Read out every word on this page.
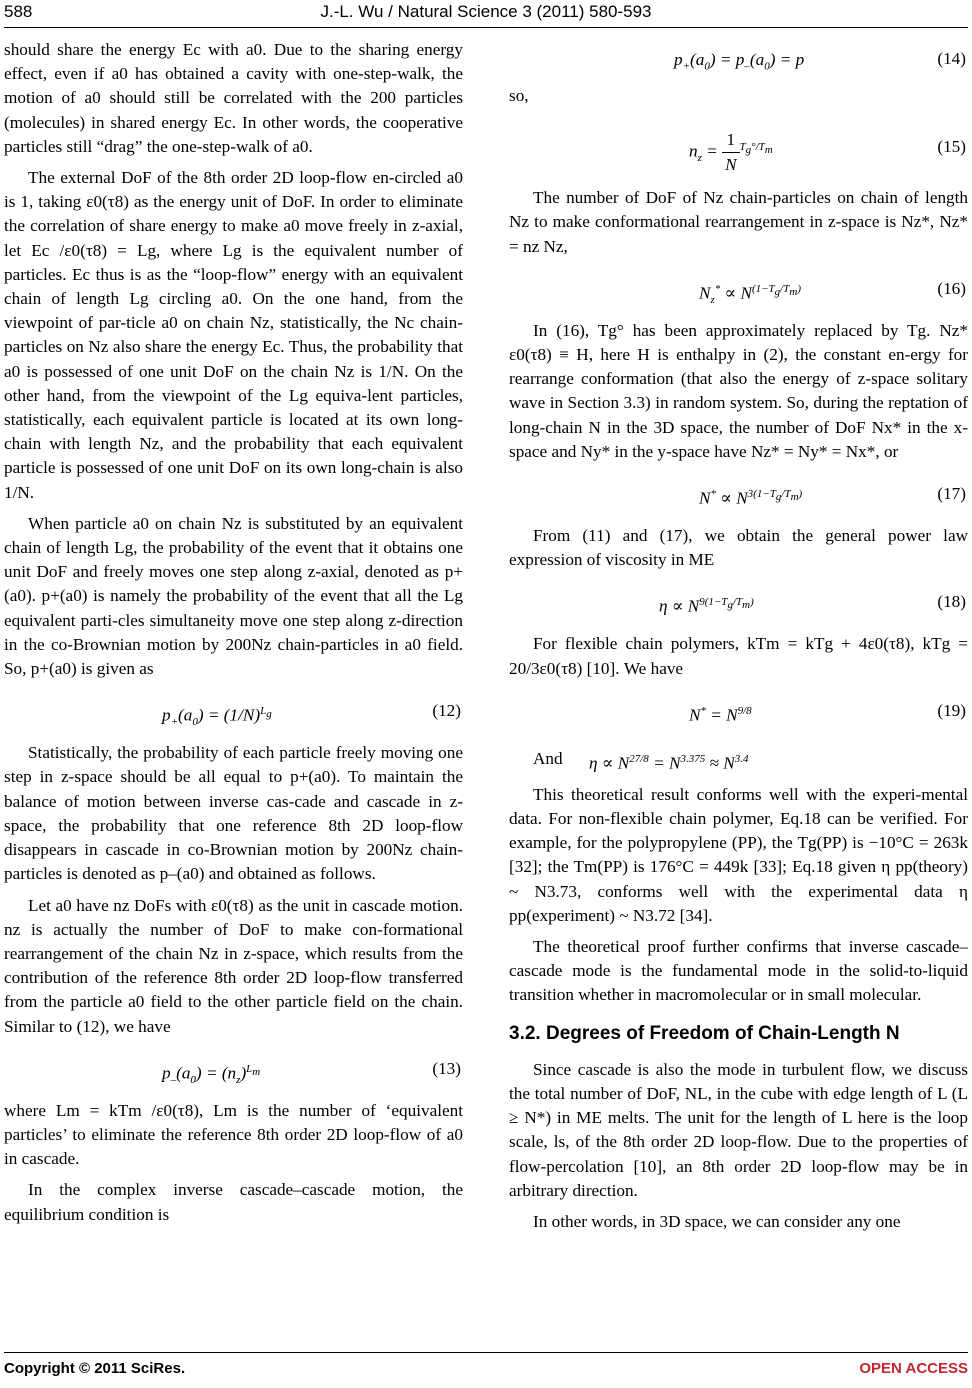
588	J.-L. Wu / Natural Science 3 (2011) 580-593

should share the energy Ec with a0. Due to the sharing energy effect, even if a0 has obtained a cavity with one-step-walk, the motion of a0 should still be correlated with the 200 particles (molecules) in shared energy Ec. In other words, the cooperative particles still “drag” the one-step-walk of a0.

The external DoF of the 8th order 2D loop-flow en-circled a0 is 1, taking ε0(τ8) as the energy unit of DoF. In order to eliminate the correlation of share energy to make a0 move freely in z-axial, let Ec /ε0(τ8) = Lg, where Lg is the equivalent number of particles. Ec thus is as the “loop-flow” energy with an equivalent chain of length Lg circling a0. On the one hand, from the viewpoint of par-ticle a0 on chain Nz, statistically, the Nc chain-particles on Nz also share the energy Ec. Thus, the probability that a0 is possessed of one unit DoF on the chain Nz is 1/N. On the other hand, from the viewpoint of the Lg equiva-lent particles, statistically, each equivalent particle is located at its own long-chain with length Nz, and the probability that each equivalent particle is possessed of one unit DoF on its own long-chain is also 1/N.

When particle a0 on chain Nz is substituted by an equivalent chain of length Lg, the probability of the event that it obtains one unit DoF and freely moves one step along z-axial, denoted as p+(a0). p+(a0) is namely the probability of the event that all the Lg equivalent parti-cles simultaneity move one step along z-direction in the co-Brownian motion by 200Nz chain-particles in a0 field. So, p+(a0) is given as

$p_+(a_0) = (1/N)^{L_g}$	(12)

Statistically, the probability of each particle freely moving one step in z-space should be all equal to p+(a0). To maintain the balance of motion between inverse cas-cade and cascade in z-space, the probability that one reference 8th 2D loop-flow disappears in cascade in co-Brownian motion by 200Nz chain-particles is denoted as p–(a0) and obtained as follows.

Let a0 have nz DoFs with ε0(τ8) as the unit in cascade motion. nz is actually the number of DoF to make con-formational rearrangement of the chain Nz in z-space, which results from the contribution of the reference 8th order 2D loop-flow transferred from the particle a0 field to the other particle field on the chain. Similar to (12), we have

$p_-(a_0) = (n_z)^{L_m}$	(13)

where Lm = kTm /ε0(τ8), Lm is the number of ‘equivalent particles’ to eliminate the reference 8th order 2D loop-flow of a0 in cascade.

In the complex inverse cascade–cascade motion, the equilibrium condition is

$p_+(a_0) = p_-(a_0) = p$	(14)

so,

$n_z = \frac{1}{N} ^{T_g^\circ/T_m}$	(15)

The number of DoF of Nz chain-particles on chain of length Nz to make conformational rearrangement in z-space is Nz*, Nz* = nz Nz,

$N_z^* \propto N^{(1-T_g/T_m)}$	(16)

In (16), Tg° has been approximately replaced by Tg. Nz* ε0(τ8) ≡ H, here H is enthalpy in (2), the constant en-ergy for rearrange conformation (that also the energy of z-space solitary wave in Section 3.3) in random system. So, during the reptation of long-chain N in the 3D space, the number of DoF Nx* in the x-space and Ny* in the y-space have Nz* = Ny* = Nx*, or

$N^* \propto N^{3(1-T_g/T_m)}$	(17)

From (11) and (17), we obtain the general power law expression of viscosity in ME

$\eta \propto N^{9(1-T_g/T_m)}$	(18)

For flexible chain polymers, kTm = kTg + 4ε0(τ8), kTg = 20/3ε0(τ8) [10]. We have

$N^* = N^{9/8}$	(19)
And $\eta \propto N^{27/8} = N^{3.375} \approx N^{3.4}$

This theoretical result conforms well with the experi-mental data. For non-flexible chain polymer, Eq.18 can be verified. For example, for the polypropylene (PP), the Tg(PP) is −10°C = 263k [32]; the Tm(PP) is 176°C = 449k [33]; Eq.18 given η pp(theory) ~ N3.73, conforms well with the experimental data η pp(experiment) ~ N3.72 [34].

The theoretical proof further confirms that inverse cascade–cascade mode is the fundamental mode in the solid-to-liquid transition whether in macromolecular or in small molecular.

3.2. Degrees of Freedom of Chain-Length N

Since cascade is also the mode in turbulent flow, we discuss the total number of DoF, NL, in the cube with edge length of L (L ≥ N*) in ME melts. The unit for the length of L here is the loop scale, ls, of the 8th order 2D loop-flow. Due to the properties of flow-percolation [10], an 8th order 2D loop-flow may be in arbitrary direction.

In other words, in 3D space, we can consider any one

Copyright © 2011 SciRes.	OPEN ACCESS
